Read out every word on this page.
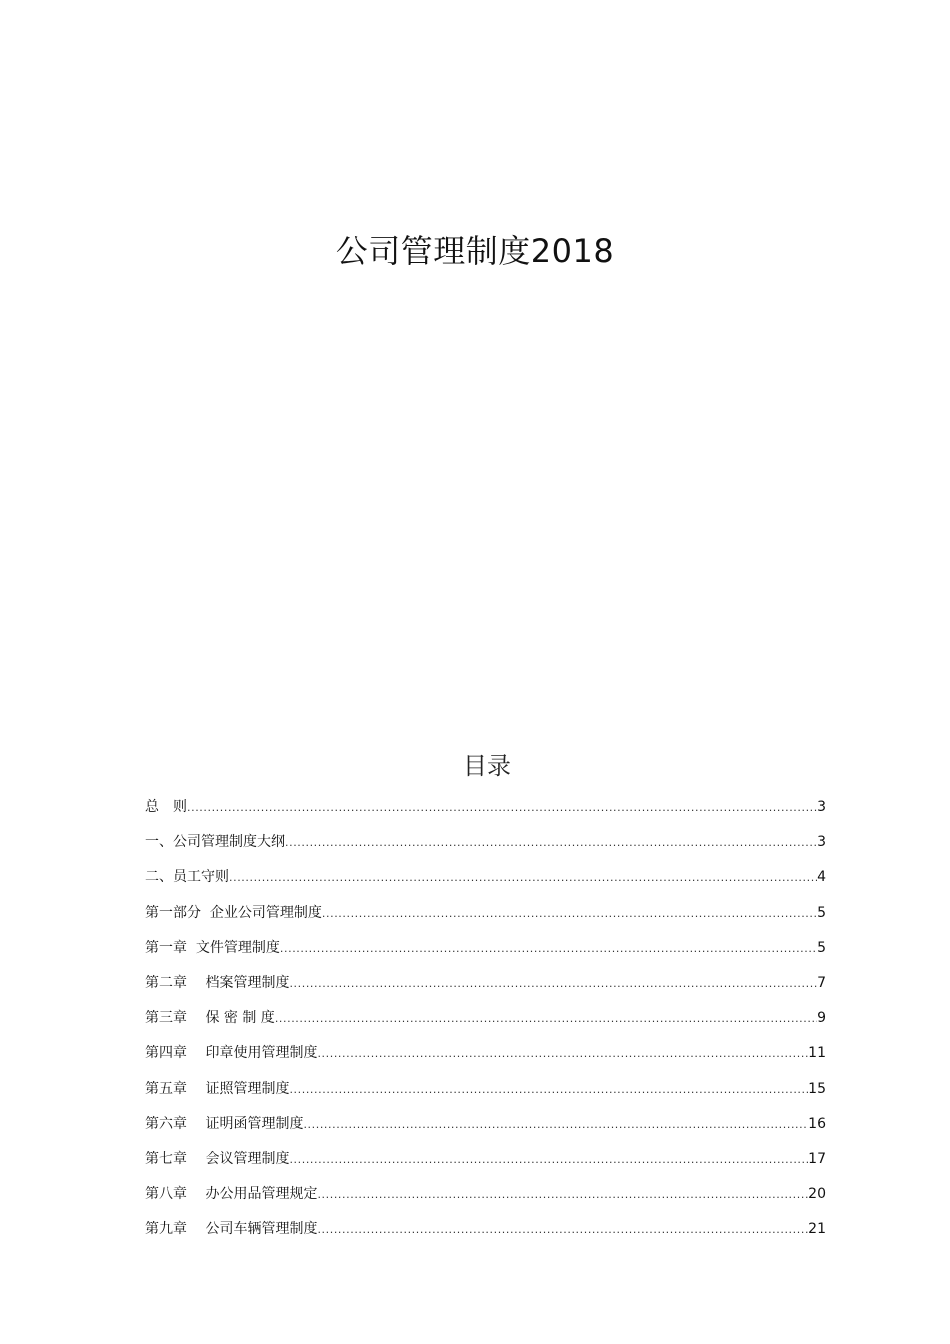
公司管理制度2018
目录
总　则 .....	3
一、公司管理制度大纲 .....	3
二、员工守则 .....	4
第一部分  企业公司管理制度 .....	5
第一章  文件管理制度 .....	5
第二章　 档案管理制度 .....	7
第三章　 保 密 制 度 .....	9
第四章　 印章使用管理制度 .....	11
第五章　 证照管理制度 .....	15
第六章　 证明函管理制度 .....	16
第七章　 会议管理制度 .....	17
第八章　 办公用品管理规定 .....	20
第九章　 公司车辆管理制度 .....	21
